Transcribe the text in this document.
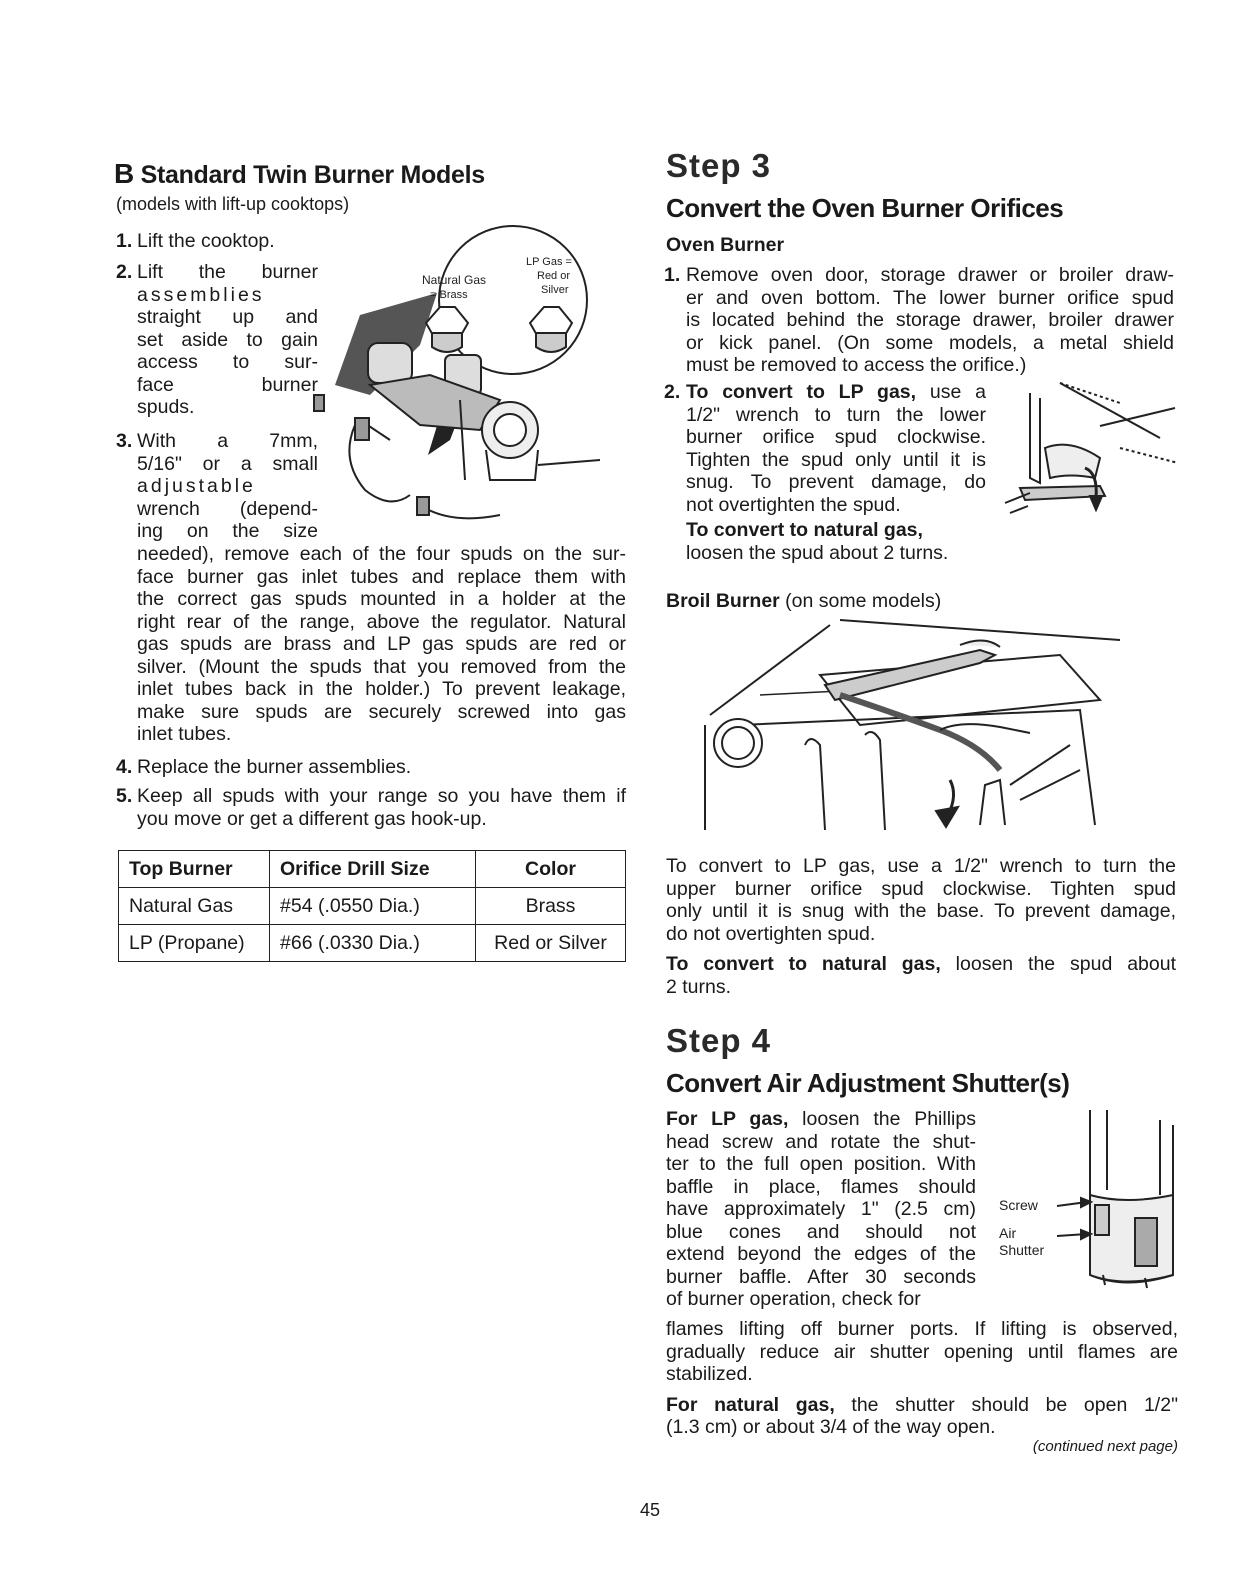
B Standard Twin Burner Models
(models with lift-up cooktops)
1. Lift the cooktop.
2. Lift the burner

assemblies

straight up and

set aside to gain

access to sur-

face burner

spuds.

3. With a 7mm,

5/16" or a small

adjustable

wrench (depend-

ing on the size

needed), remove each of the four spuds on the sur-

face burner gas inlet tubes and replace them with

the correct gas spuds mounted in a holder at the

right rear of the range, above the regulator. Natural

gas spuds are brass and LP gas spuds are red or

silver. (Mount the spuds that you removed from the

inlet tubes back in the holder.) To prevent leakage,

make sure spuds are securely screwed into gas

inlet tubes.

4. Replace the burner assemblies.
5. Keep all spuds with your range so you have them if

you move or get a different gas hook-up.

Natural Gas
= Brass
LP Gas =
Red or
Silver
Top Burner	Orifice Drill Size	Color
Natural Gas	#54 (.0550 Dia.)	Brass
LP (Propane)	#66 (.0330 Dia.)	Red or Silver
Step 3
Convert the Oven Burner Orifices
Oven Burner
1. Remove oven door, storage drawer or broiler draw-

er and oven bottom. The lower burner orifice spud

is located behind the storage drawer, broiler drawer

or kick panel. (On some models, a metal shield

must be removed to access the orifice.)

2. To convert to LP gas, use a

1/2" wrench to turn the lower

burner orifice spud clockwise.

Tighten the spud only until it is

snug. To prevent damage, do

not overtighten the spud.

To convert to natural gas,

loosen the spud about 2 turns.

Broil Burner (on some models)

To convert to LP gas, use a 1/2" wrench to turn the

upper burner orifice spud clockwise. Tighten spud

only until it is snug with the base. To prevent damage,

do not overtighten spud.

To convert to natural gas, loosen the spud about

2 turns.

Step 4
Convert Air Adjustment Shutter(s)

For LP gas, loosen the Phillips

head screw and rotate the shut-

ter to the full open position. With

baffle in place, flames should

have approximately 1" (2.5 cm)

blue cones and should not

extend beyond the edges of the

burner baffle. After 30 seconds

of burner operation, check for

flames lifting off burner ports. If lifting is observed,

gradually reduce air shutter opening until flames are

stabilized.

For natural gas, the shutter should be open 1/2"

(1.3 cm) or about 3/4 of the way open.

(continued next page)
Screw
Air
Shutter
45
